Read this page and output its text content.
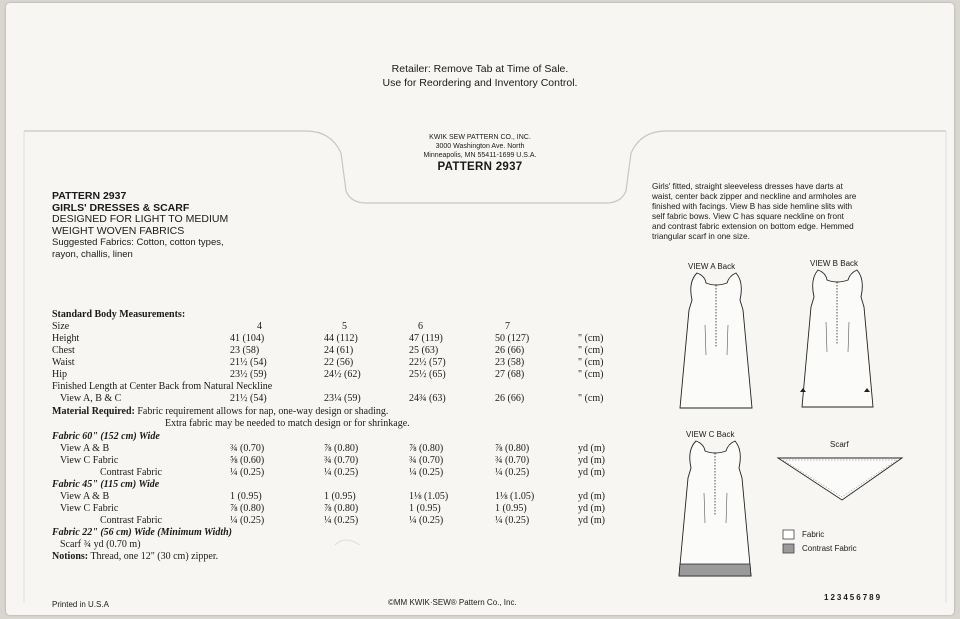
Retailer: Remove Tab at Time of Sale.
Use for Reordering and Inventory Control.
KWIK SEW PATTERN CO., INC.
3000 Washington Ave. North
Minneapolis, MN 55411-1699 U.S.A.
PATTERN 2937
PATTERN 2937
GIRLS' DRESSES & SCARF
DESIGNED FOR LIGHT TO MEDIUM
WEIGHT WOVEN FABRICS
Suggested Fabrics: Cotton, cotton types,
rayon, challis, linen
Girls' fitted, straight sleeveless dresses have darts at
waist, center back zipper and neckline and armholes are
finished with facings. View B has side hemline slits with
self fabric bows. View C has square neckline on front
and contrast fabric extension on bottom edge. Hemmed
triangular scarf in one size.
Standard Body Measurements:
Size	4	5	6	7
Height	41 (104)	44 (112)	47 (119)	50 (127)	" (cm)
Chest	23 (58)	24 (61)	25 (63)	26 (66)	" (cm)
Waist	21½ (54)	22 (56)	22½ (57)	23 (58)	" (cm)
Hip	23½ (59)	24½ (62)	25½ (65)	27 (68)	" (cm)
Finished Length at Center Back from Natural Neckline
View A, B & C	21½ (54)	23¼ (59)	24¾ (63)	26 (66)	" (cm)
Material Required: Fabric requirement allows for nap, one-way design or shading.
Extra fabric may be needed to match design or for shrinkage.
Fabric 60" (152 cm) Wide
View A & B	¾ (0.70)	⅞ (0.80)	⅞ (0.80)	⅞ (0.80)	yd (m)
View C Fabric	⅝ (0.60)	¾ (0.70)	¾ (0.70)	¾ (0.70)	yd (m)
Contrast Fabric	¼ (0.25)	¼ (0.25)	¼ (0.25)	¼ (0.25)	yd (m)
Fabric 45" (115 cm) Wide
View A & B	1 (0.95)	1 (0.95)	1⅛ (1.05)	1⅛ (1.05)	yd (m)
View C Fabric	⅞ (0.80)	⅞ (0.80)	1 (0.95)	1 (0.95)	yd (m)
Contrast Fabric	¼ (0.25)	¼ (0.25)	¼ (0.25)	¼ (0.25)	yd (m)
Fabric 22" (56 cm) Wide (Minimum Width)
Scarf ¾ yd (0.70 m)
Notions: Thread, one 12" (30 cm) zipper.
VIEW A Back	VIEW B Back
VIEW C Back
Scarf
Fabric
Contrast Fabric
Printed in U.S.A	©MM KWIK·SEW® Pattern Co., Inc.
123456789
